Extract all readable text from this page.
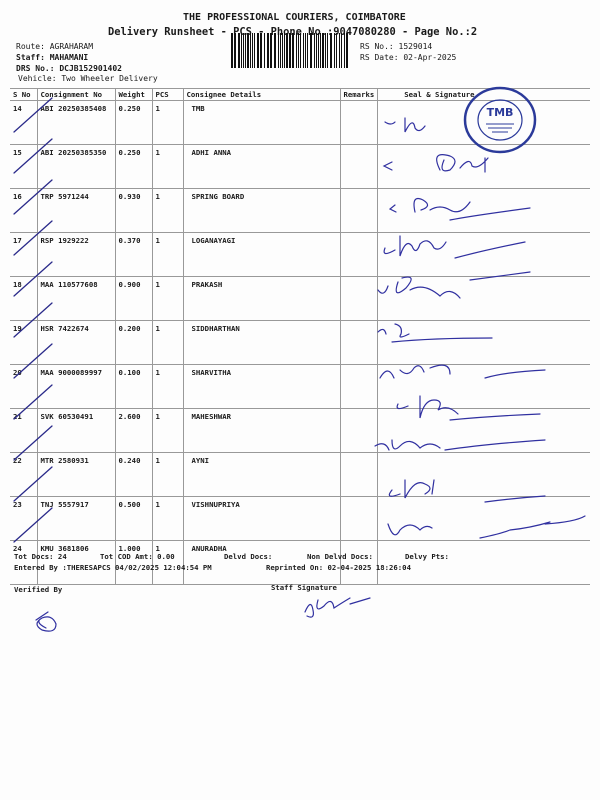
THE PROFESSIONAL COURIERS, COIMBATORE
Delivery Runsheet - PCS - Phone No.:9047080280 - Page No.:2
Route: AGRAHARAM
Staff: MAHAMANI
DRS No.: DCJB152901402
Vehicle: Two Wheeler Delivery
RS No.: 1529014
RS Date: 02-Apr-2025
S No	Consignment No	Weight	PCS	Consignee Details	Remarks	Seal & Signature
14	ABI 20250385408	0.250	1	TMB		
15	ABI 20250385350	0.250	1	ADHI ANNA		
16	TRP 5971244	0.930	1	SPRING BOARD		
17	RSP 1929222	0.370	1	LOGANAYAGI		
18	MAA 110577608	0.900	1	PRAKASH		
19	HSR 7422674	0.200	1	SIDDHARTHAN		
20	MAA 9000089997	0.100	1	SHARVITHA		
21	SVK 60530491	2.600	1	MAHESHWAR		
22	MTR 2580931	0.240	1	AYNI		
23	TNJ 5557917	0.500	1	VISHNUPRIYA		
24	KMU 3681806	1.000	1	ANURADHA		
TMB
Tot Docs: 24	Tot COD Amt: 0.00	Delvd Docs:	Non Delvd Docs:	Delvy Pts:
Entered By :THERESAPCS 04/02/2025 12:04:54 PM	Reprinted On: 02-04-2025 18:26:04
Verified By	Staff Signature
